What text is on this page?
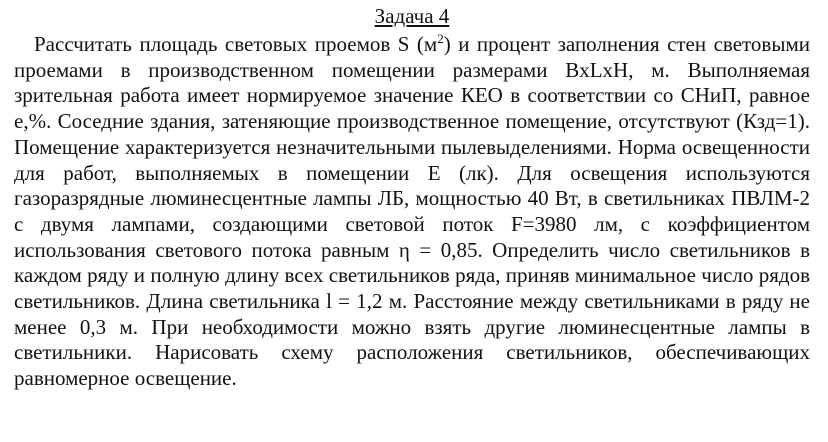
Задача 4

Рассчитать площадь световых проемов S $(м^2)$ и процент заполнения стен световыми проемами в производственном помещении размерами BxLxH, м. Выполняемая зрительная работа имеет нормируемое значение КЕО в соответствии со СНиП, равное е,%. Соседние здания, затеняющие производственное помещение, отсутствуют (Кзд=1). Помещение характеризуется незначительными пылевыделениями. Норма освещенности для работ, выполняемых в помещении Е (лк). Для освещения используются газоразрядные люминесцентные лампы ЛБ, мощностью 40 Вт, в светильниках ПВЛМ-2 с двумя лампами, создающими световой поток F=3980 лм, с коэффициентом использования светового потока равным η = 0,85. Определить число светильников в каждом ряду и полную длину всех светильников ряда, приняв минимальное число рядов светильников. Длина светильника l = 1,2 м. Расстояние между светильниками в ряду не менее 0,3 м. При необходимости можно взять другие люминесцентные лампы в светильники. Нарисовать схему расположения светильников, обеспечивающих равномерное освещение.
